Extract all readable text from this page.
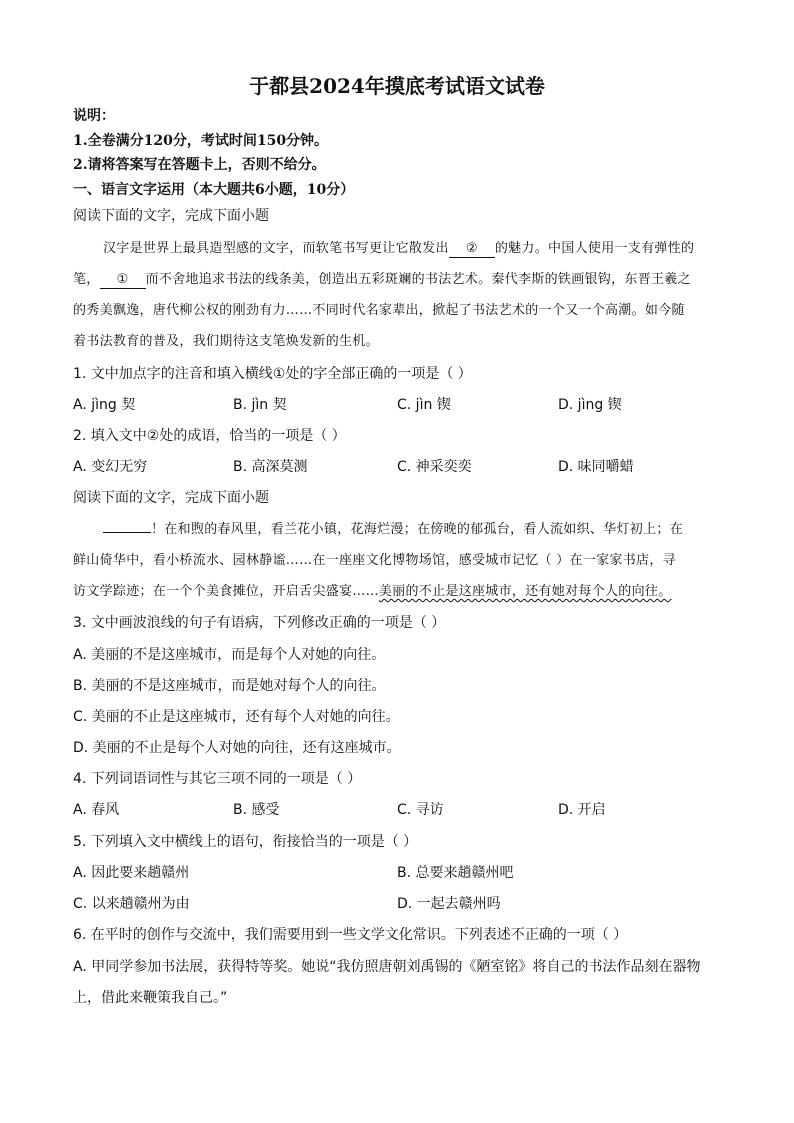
于都县2024年摸底考试语文试卷
说明：
1.全卷满分120分，考试时间150分钟。
2.请将答案写在答题卡上，否则不给分。
一、语言文字运用（本大题共6小题，10分）
阅读下面的文字，完成下面小题
汉字是世界上最具造型感的文字，而软笔书写更让它散发出 ② 的魅力。中国人使用一支有弹性的
笔， ① 而不舍地追求书法的线条美，创造出五彩斑斓的书法艺术。秦代李斯的铁画银钩，东晋王羲之
的秀美飘逸，唐代柳公权的刚劲有力……不同时代名家辈出，掀起了书法艺术的一个又一个高潮。如今随
着书法教育的普及，我们期待这支笔焕发新的生机。
1. 文中加点字的注音和填入横线①处的字全部正确的一项是（ ）
A. jìng 契	B. jìn 契	C. jìn 锲	D. jìng 锲
2. 填入文中②处的成语，恰当的一项是（ ）
A. 变幻无穷	B. 高深莫测	C. 神采奕奕	D. 味同嚼蜡
阅读下面的文字，完成下面小题
！在和煦的春风里，看兰花小镇，花海烂漫；在傍晚的郁孤台，看人流如织、华灯初上；在
鲜山倚华中，看小桥流水、园林静谧……在一座座文化博物场馆，感受城市记忆（ ）在一家家书店，寻
访文学踪迹；在一个个美食摊位，开启舌尖盛宴……美丽的不止是这座城市，还有她对每个人的向往。
3. 文中画波浪线的句子有语病，下列修改正确的一项是（ ）
A. 美丽的不是这座城市，而是每个人对她的向往。
B. 美丽的不是这座城市，而是她对每个人的向往。
C. 美丽的不止是这座城市，还有每个人对她的向往。
D. 美丽的不止是每个人对她的向往，还有这座城市。
4. 下列词语词性与其它三项不同的一项是（ ）
A. 春风	B. 感受	C. 寻访	D. 开启
5. 下列填入文中横线上的语句，衔接恰当的一项是（ ）
A. 因此要来趟赣州	B. 总要来趟赣州吧
C. 以来趟赣州为由	D. 一起去赣州吗
6. 在平时的创作与交流中，我们需要用到一些文学文化常识。下列表述不正确的一项（ ）
A. 甲同学参加书法展，获得特等奖。她说“我仿照唐朝刘禹锡的《陋室铭》将自己的书法作品刻在器物
上，借此来鞭策我自己。”
